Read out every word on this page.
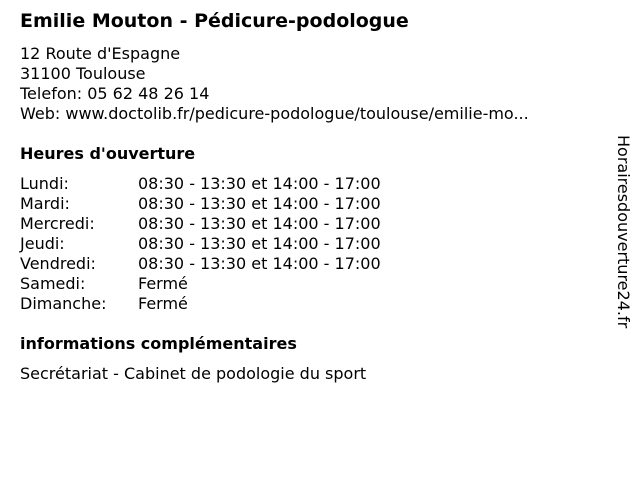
Emilie Mouton - Pédicure-podologue
12 Route d'Espagne
31100 Toulouse
Telefon: 05 62 48 26 14
Web: www.doctolib.fr/pedicure-podologue/toulouse/emilie-mo...
Heures d'ouverture
Lundi:	08:30 - 13:30 et 14:00 - 17:00
Mardi:	08:30 - 13:30 et 14:00 - 17:00
Mercredi:	08:30 - 13:30 et 14:00 - 17:00
Jeudi:	08:30 - 13:30 et 14:00 - 17:00
Vendredi:	08:30 - 13:30 et 14:00 - 17:00
Samedi:	Fermé
Dimanche:	Fermé
informations complémentaires
Secrétariat - Cabinet de podologie du sport
Horairesdouverture24.fr
